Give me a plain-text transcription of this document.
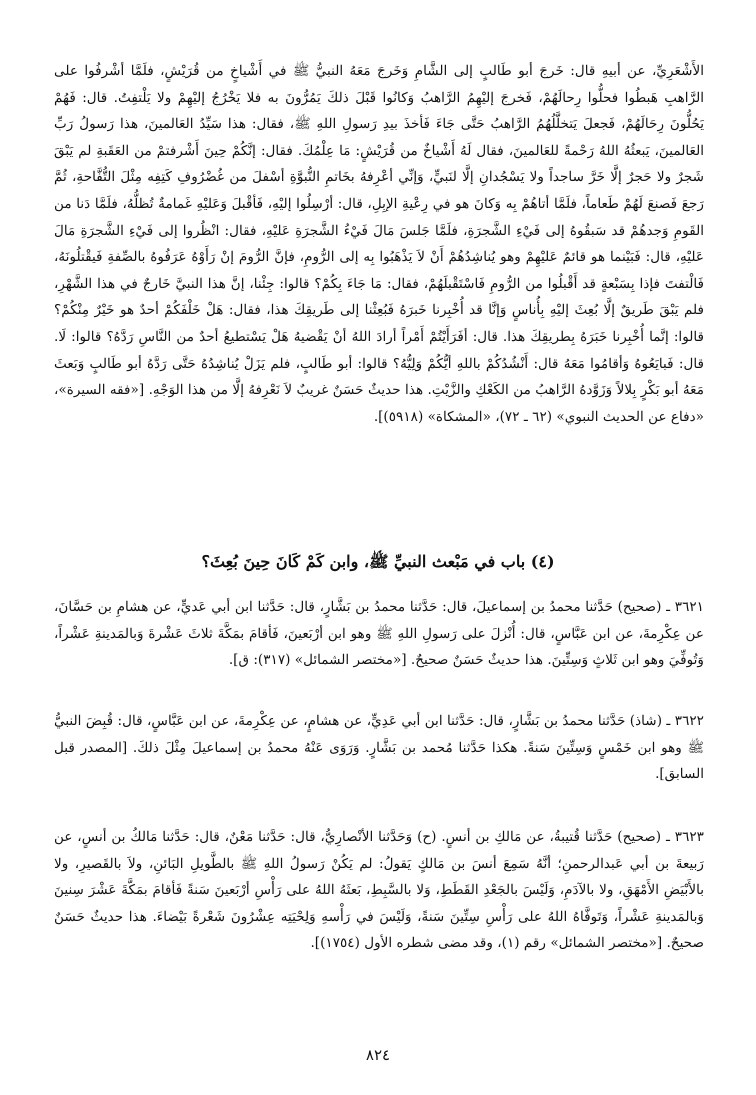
الأَشْعَرِيِّ، عن أبيهِ قال: خَرجَ أبو طَالبٍ إلى الشَّامِ وَخَرجَ مَعَهُ النبيُّ ﷺ في أَشْياخٍ من قُرَيْشٍ، فلَمَّا أشْرفُوا على الرَّاهبِ هَبطُوا فحلُّوا رِحالَهُمْ، فَخرجَ إليْهِمُ الرَّاهبُ وَكانُوا قَبْلَ ذلكَ يَمُرُّونَ به فلا يَخْرُجُ إليْهِمْ ولا يَلْتفِتُ. قال: فَهُمْ يَحُلُّونَ رِحَالَهُمْ، فَجعلَ يَتخلَّلُهُمُ الرَّاهبُ حَتَّى جَاءَ فَأخذَ بيدِ رَسولِ اللهِ ﷺ، فقال: هذا سَيِّدُ العَالمينَ، هذا رَسولُ رَبِّ العَالمينَ، يَبعثُهُ اللهُ رَحْمةً للعَالمينَ، فقال لَهُ أَشْياخٌ من قُرَيْشٍ: مَا عِلْمُكَ. فقال: إنَّكُمْ حِينَ أَشْرفتمْ من العَقَبةِ لم يَبْقَ شَجرٌ ولا حَجرٌ إلَّا خَرَّ ساجداً ولا يَسْجُدانِ إلَّا لنَبيٍّ، وَإنِّي أعْرِفهُ بخَاتمِ النُّبوَّةِ أسْفلَ من غُضْرُوفِ كَتِفِه مِثْلَ التُّفَّاحةِ، ثُمَّ رَجعَ فَصنعَ لَهُمْ طَعاماً، فلَمَّا أتاهُمْ بِه وَكانَ هو في رِعْيةِ الإبِلِ، قال: أرْسِلُوا إليْهِ، فَأقْبلَ وَعَليْهِ غَمامةٌ تُظلُّهُ، فلَمَّا دَنا من القَومِ وَجدهُمْ قد سَبقُوهُ إلى فَيْءِ الشَّجرَةِ، فلَمَّا جَلسَ مَالَ فَيْءُ الشَّجرَةِ عَليْهِ، فقال: انْظُروا إلى فَيْءِ الشَّجرَةِ مَالَ عَليْهِ، قال: فَبَيْنما هو قائمٌ عَليْهِمْ وهو يُناشِدُهُمْ أَنْ لاَ يَذْهَبُوا بِه إلى الرُّومِ، فإنَّ الرُّومَ إنْ رَأَوْهُ عَرَفُوهُ بالصِّفةِ فَيقْتلُونَهُ، فَالْتفتَ فإذا بِسَبْعةٍ قد أَقْبلُوا من الرُّومِ فَاسْتَقْبلَهُمْ، فقال: مَا جَاءَ بِكُمْ؟ قالوا: جِئْنا، إنَّ هذا النبيَّ خَارجٌ في هذا الشَّهْرِ، فلم يَبْقَ طَريقٌ إلَّا بُعِثَ إليْهِ بِأُناسٍ وَإنَّا قد أُخْبِرنا خَبرَهُ فَبُعِثْنا إلى طَريقِكَ هذا، فقال: هَلْ خَلْفَكُمْ أحدٌ هو خَيْرٌ مِنْكُمْ؟ قالوا: إنَّما أُخْبِرنا خَبَرَهُ بِطريقِكَ هذا. قال: أفَرَأَيْتُمْ أَمْراً أرادَ اللهُ أنْ يَقْضيهُ هَلْ يَسْتطيعُ أحدٌ من النَّاسِ رَدَّهُ؟ قالوا: لَا. قال: فَبايَعُوهُ وَأقامُوا مَعَهُ قال: أَنْشُدُكُمْ باللهِ أيُّكُمْ وَلِيُّهُ؟ قالوا: أبو طَالبٍ، فلم يَزَلْ يُناشِدُهُ حَتَّى رَدَّهُ أبو طَالبٍ وَبَعثَ مَعَهُ أبو بَكْرٍ بِلالاً وَزَوَّدهُ الرَّاهبُ من الكَعْكِ والزَّيْتِ. هذا حديثٌ حَسَنٌ غريبٌ لاَ نَعْرِفهُ إلَّا من هذا الوَجْهِ. [«فقه السيرة»، «دفاع عن الحديث النبوي» (٦٢ ـ ٧٢)، «المشكاة» (٥٩١٨)].

(٤) باب في مَبْعث النبيِّ ﷺ، وابن كَمْ كَانَ حِينَ بُعِثَ؟

٣٦٢١ ـ (صحيح) حَدَّثنا محمدُ بن إسماعيلَ، قال: حَدَّثنا محمدُ بن بَشَّارٍ، قال: حَدَّثنا ابن أبي عَديٍّ، عن هشامِ بن حَسَّانَ، عن عِكْرِمةَ، عن ابن عَبَّاسٍ، قال: أُنْزلَ على رَسولِ اللهِ ﷺ وهو ابن أرْبَعينَ، فَأقامَ بمَكَّةَ ثلاثَ عَشْرةَ وَبالمَدينةِ عَشْراً، وَتُوفِّيَ وهو ابن ثَلاثٍ وَسِتِّينَ. هذا حديثٌ حَسَنٌ صحيحٌ. [«مختصر الشمائل» (٣١٧): ق].

٣٦٢٢ ـ (شاذ) حَدَّثنا محمدُ بن بَشَّارٍ، قال: حَدَّثنا ابن أبي عَدِيٍّ، عن هشامٍ، عن عِكْرِمةَ، عن ابن عَبَّاسٍ، قال: قُبِضَ النبيُّ ﷺ وهو ابن خَمْسٍ وَسِتِّينَ سَنةً. هكذا حَدَّثنا مُحمد بن بَشَّارٍ. وَرَوَى عَنْهُ محمدُ بن إسماعيلَ مِثْلَ ذلكَ. [المصدر قبل السابق].

٣٦٢٣ ـ (صحيح) حَدَّثنا قُتيبةُ، عن مَالكِ بن أنسٍ. (ح) وَحَدَّثنا الأنْصارِيُّ، قال: حَدَّثنا مَعْنٌ، قال: حَدَّثنا مَالكُ بن أنسٍ، عن رَبيعةَ بن أبي عَبدالرحمنِ؛ أنَّهُ سَمِعَ أنسَ بن مَالكٍ يَقولُ: لم يَكُنْ رَسولُ اللهِ ﷺ بالطَّويلِ البَائنِ، ولاَ بالقَصيرِ، ولا بالأَبْيَضِ الأَمْهَقِ، ولا بالآدَمِ، وَلَيْسَ بالجَعْدِ القَطَطِ، وَلا بالسَّبِطِ، بَعثَهُ اللهُ على رَأْسِ أرْبَعينَ سَنةً فَأقامَ بمَكَّةَ عَشْرَ سِنينَ وَبالمَدينةِ عَشْراً، وَتَوفَّاهُ اللهُ على رَأْسِ سِتِّينَ سَنةً، وَلَيْسَ في رَأْسهِ وَلِحْيَتِه عِشْرُونَ شَعْرةً بَيْضاءَ. هذا حديثٌ حَسَنٌ صحيحٌ. [«مختصر الشمائل» رقم (١)، وقد مضى شطره الأول (١٧٥٤)].

٨٢٤
